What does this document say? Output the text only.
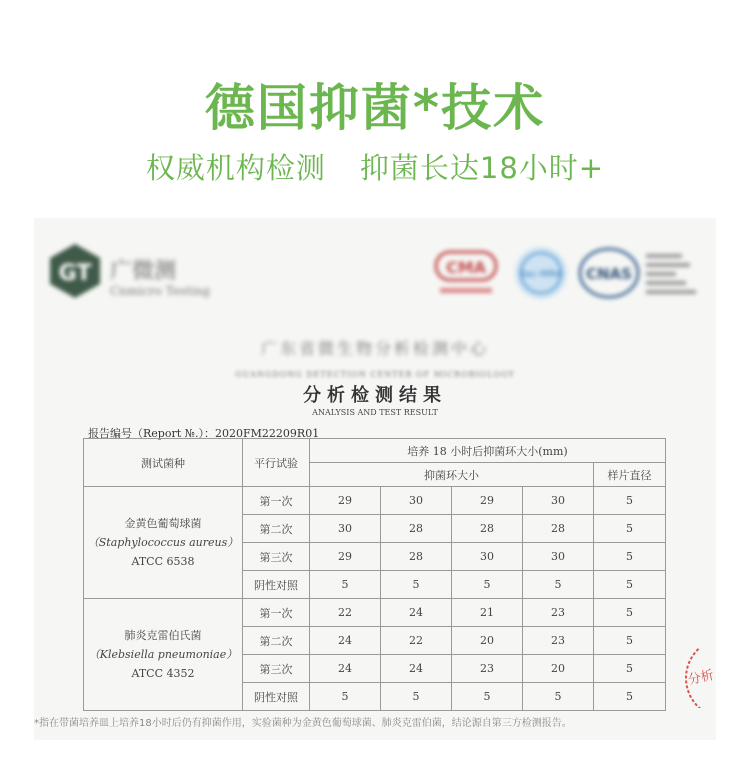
德国抑菌*技术
权威机构检测 抑菌长达18小时+
GT 广微测
Cnmicro Testing
CMA	ilac-MRA CNAS
广东省微生物分析检测中心
GUANGDONG DETECTION CENTER OF MICROBIOLOGY
分析检测结果
ANALYSIS AND TEST RESULT
报告编号（Report №.）：2020FM22209R01
测试菌种	平行试验	培养 18 小时后抑菌环大小(mm)				
		抑菌环大小				样片直径

金黄色葡萄球菌
（Staphylococcus aureus）
ATCC 6538	第一次	29	30	29	30	5
	第二次	30	28	28	28	5
	第三次	29	28	30	30	5
	阴性对照	5	5	5	5	5

肺炎克雷伯氏菌
（Klebsiella pneumoniae）
ATCC 4352	第一次	22	24	21	23	5
	第二次	24	22	20	23	5
	第三次	24	24	23	20	5
	阴性对照	5	5	5	5	5
分析
*指在带菌培养皿上培养18小时后仍有抑菌作用，实验菌种为金黄色葡萄球菌、肺炎克雷伯菌，结论源自第三方检测报告。
